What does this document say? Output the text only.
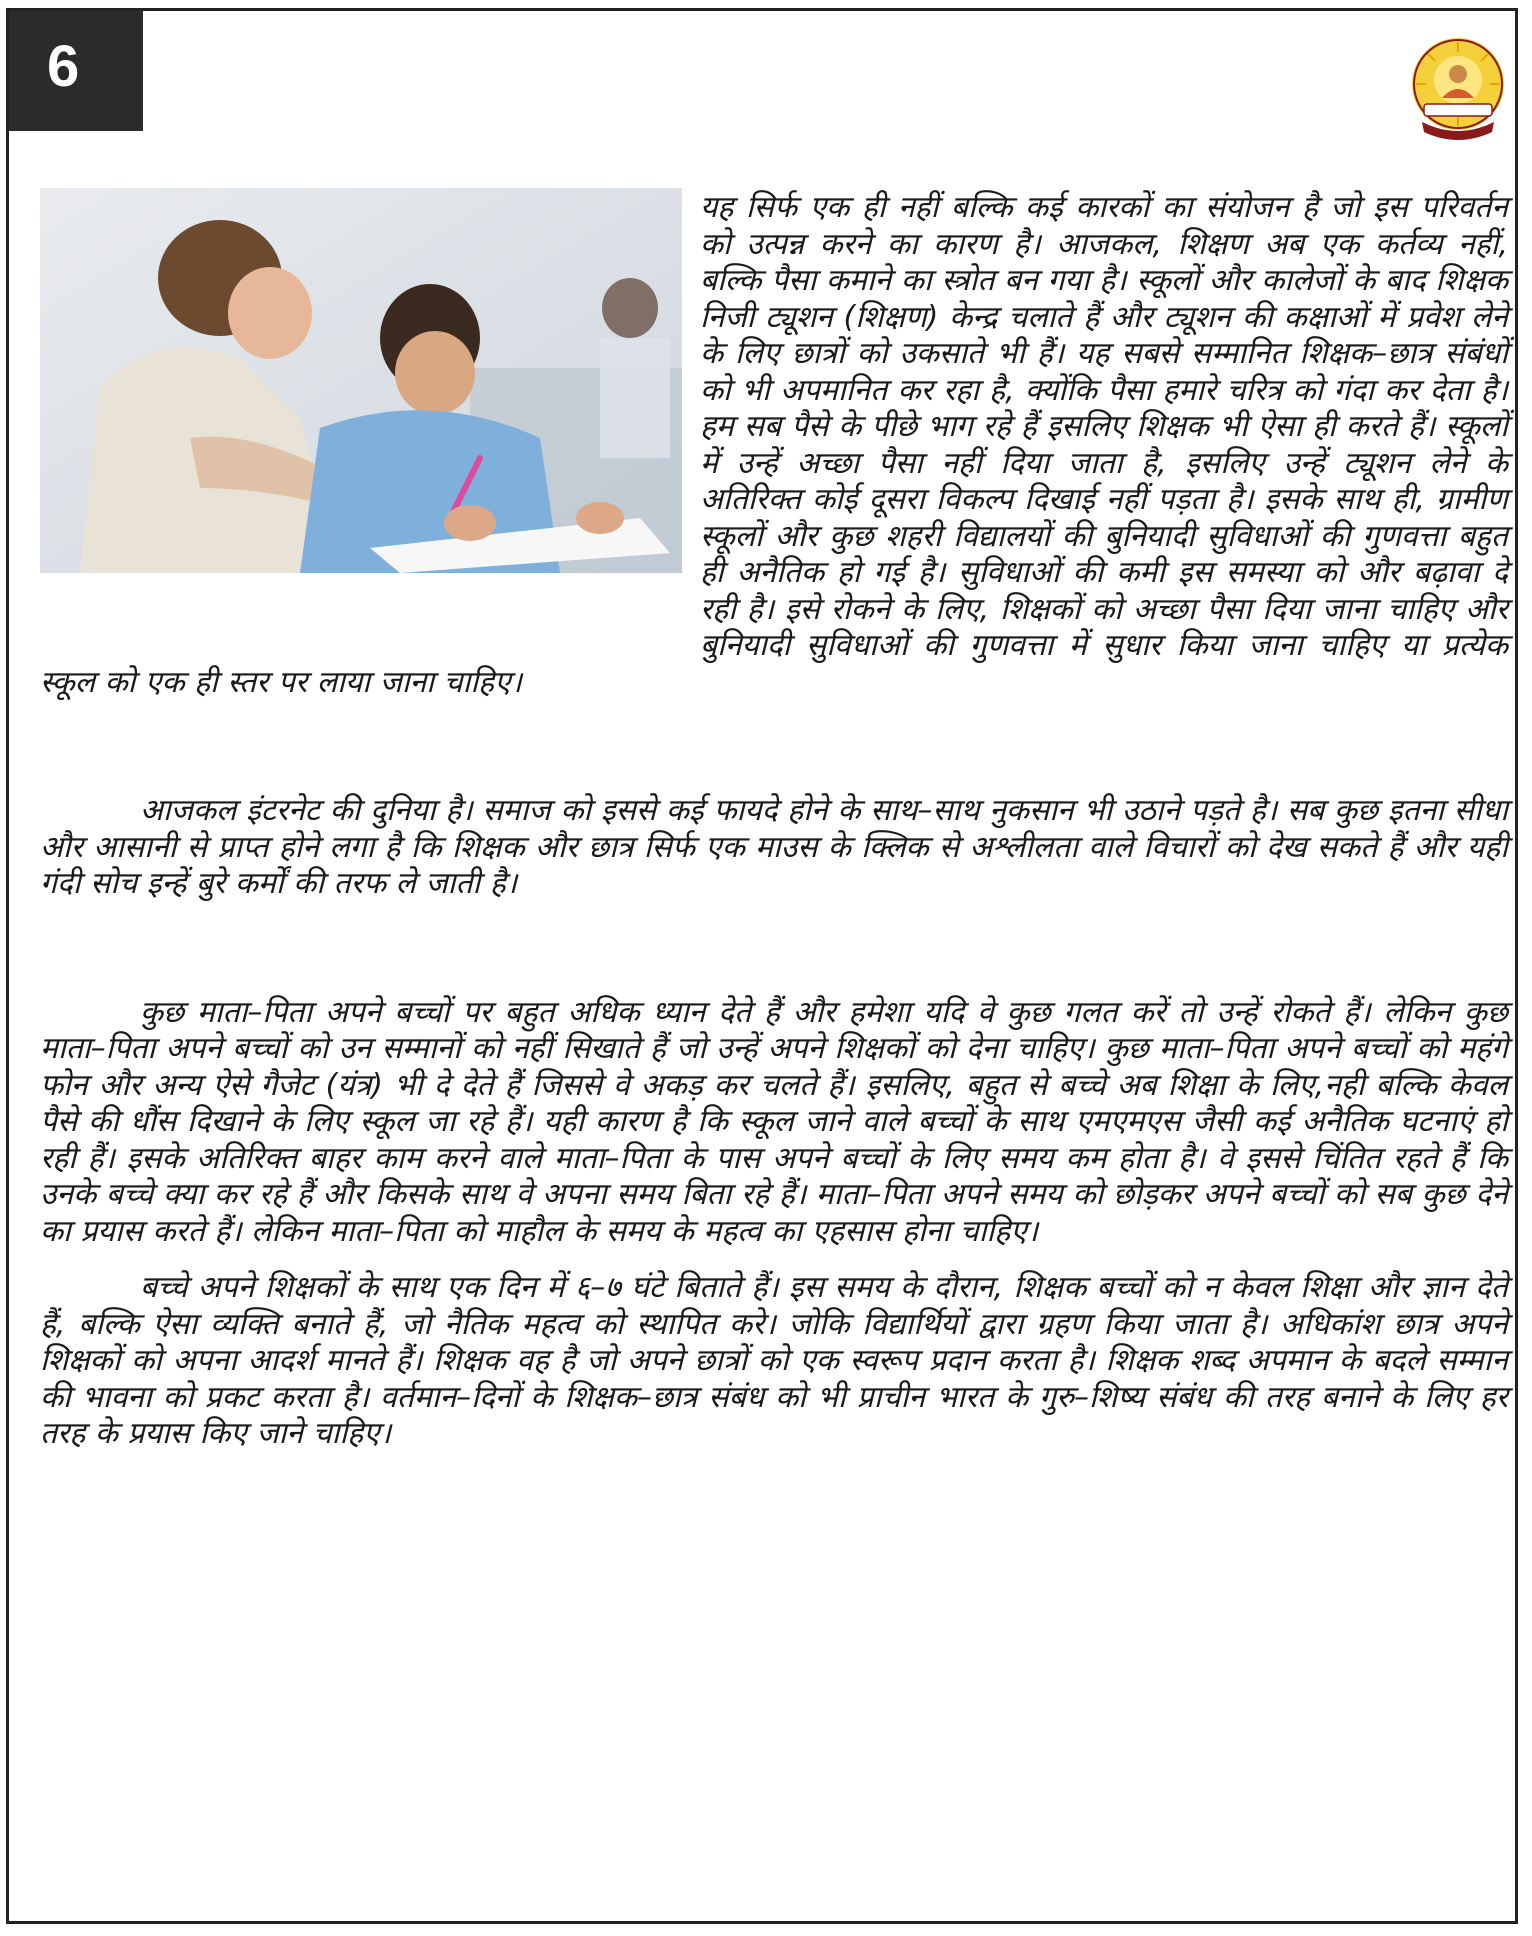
6

यह सिर्फ एक ही नहीं बल्कि कई कारकों का संयोजन है जो इस परिवर्तन को उत्पन्न करने का कारण है। आजकल, शिक्षण अब एक कर्तव्य नहीं, बल्कि पैसा कमाने का स्त्रोत बन गया है। स्कूलों और कालेजों के बाद शिक्षक निजी ट्यूशन (शिक्षण) केन्द्र चलाते हैं और ट्यूशन की कक्षाओं में प्रवेश लेने के लिए छात्रों को उकसाते भी हैं। यह सबसे सम्मानित शिक्षक–छात्र संबंधों को भी अपमानित कर रहा है, क्योंकि पैसा हमारे चरित्र को गंदा कर देता है। हम सब पैसे के पीछे भाग रहे हैं इसलिए शिक्षक भी ऐसा ही करते हैं। स्कूलों में उन्हें अच्छा पैसा नहीं दिया जाता है, इसलिए उन्हें ट्यूशन लेने के अतिरिक्त कोई दूसरा विकल्प दिखाई नहीं पड़ता है। इसके साथ ही, ग्रामीण स्कूलों और कुछ शहरी विद्यालयों की बुनियादी सुविधाओं की गुणवत्ता बहुत ही अनैतिक हो गई है। सुविधाओं की कमी इस समस्या को और बढ़ावा दे रही है। इसे रोकने के लिए, शिक्षकों को अच्छा पैसा दिया जाना चाहिए और बुनियादी सुविधाओं की गुणवत्ता में सुधार किया जाना चाहिए या प्रत्येक स्कूल को एक ही स्तर पर लाया जाना चाहिए।

आजकल इंटरनेट की दुनिया है। समाज को इससे कई फायदे होने के साथ–साथ नुकसान भी उठाने पड़ते है। सब कुछ इतना सीधा और आसानी से प्राप्त होने लगा है कि शिक्षक और छात्र सिर्फ एक माउस के क्लिक से अश्लीलता वाले विचारों को देख सकते हैं और यही गंदी सोच इन्हें बुरे कर्मों की तरफ ले जाती है।

कुछ माता–पिता अपने बच्चों पर बहुत अधिक ध्यान देते हैं और हमेशा यदि वे कुछ गलत करें तो उन्हें रोकते हैं। लेकिन कुछ माता–पिता अपने बच्चों को उन सम्मानों को नहीं सिखाते हैं जो उन्हें अपने शिक्षकों को देना चाहिए। कुछ माता–पिता अपने बच्चों को महंगे फोन और अन्य ऐसे गैजेट (यंत्र) भी दे देते हैं जिससे वे अकड़ कर चलते हैं। इसलिए, बहुत से बच्चे अब शिक्षा के लिए,नही बल्कि केवल पैसे की धौंस दिखाने के लिए स्कूल जा रहे हैं। यही कारण है कि स्कूल जाने वाले बच्चों के साथ एमएमएस जैसी कई अनैतिक घटनाएं हो रही हैं। इसके अतिरिक्त बाहर काम करने वाले माता–पिता के पास अपने बच्चों के लिए समय कम होता है। वे इससे चिंतित रहते हैं कि उनके बच्चे क्या कर रहे हैं और किसके साथ वे अपना समय बिता रहे हैं। माता–पिता अपने समय को छोड़कर अपने बच्चों को सब कुछ देने का प्रयास करते हैं। लेकिन माता–पिता को माहौल के समय के महत्व का एहसास होना चाहिए।

बच्चे अपने शिक्षकों के साथ एक दिन में ६–७ घंटे बिताते हैं। इस समय के दौरान, शिक्षक बच्चों को न केवल शिक्षा और ज्ञान देते हैं, बल्कि ऐसा व्यक्ति बनाते हैं, जो नैतिक महत्व को स्थापित करे। जोकि विद्यार्थियों द्वारा ग्रहण किया जाता है। अधिकांश छात्र अपने शिक्षकों को अपना आदर्श मानते हैं। शिक्षक वह है जो अपने छात्रों को एक स्वरूप प्रदान करता है। शिक्षक शब्द अपमान के बदले सम्मान की भावना को प्रकट करता है। वर्तमान–दिनों के शिक्षक–छात्र संबंध को भी प्राचीन भारत के गुरु–शिष्य संबंध की तरह बनाने के लिए हर तरह के प्रयास किए जाने चाहिए।
